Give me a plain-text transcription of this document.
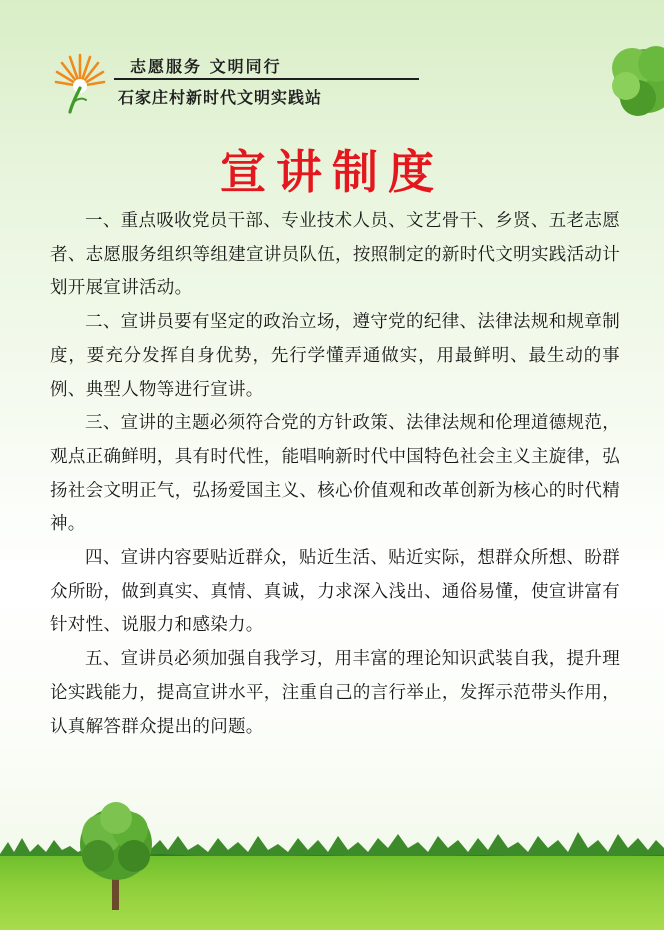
志愿服务 文明同行
石家庄村新时代文明实践站
宣讲制度

一、重点吸收党员干部、专业技术人员、文艺骨干、乡贤、五老志愿者、志愿服务组织等组建宣讲员队伍，按照制定的新时代文明实践活动计划开展宣讲活动。

二、宣讲员要有坚定的政治立场，遵守党的纪律、法律法规和规章制度，要充分发挥自身优势，先行学懂弄通做实，用最鲜明、最生动的事例、典型人物等进行宣讲。

三、宣讲的主题必须符合党的方针政策、法律法规和伦理道德规范，观点正确鲜明，具有时代性，能唱响新时代中国特色社会主义主旋律，弘扬社会文明正气，弘扬爱国主义、核心价值观和改革创新为核心的时代精神。

四、宣讲内容要贴近群众，贴近生活、贴近实际，想群众所想、盼群众所盼，做到真实、真情、真诚，力求深入浅出、通俗易懂，使宣讲富有针对性、说服力和感染力。

五、宣讲员必须加强自我学习，用丰富的理论知识武装自我，提升理论实践能力，提高宣讲水平，注重自己的言行举止，发挥示范带头作用，认真解答群众提出的问题。
